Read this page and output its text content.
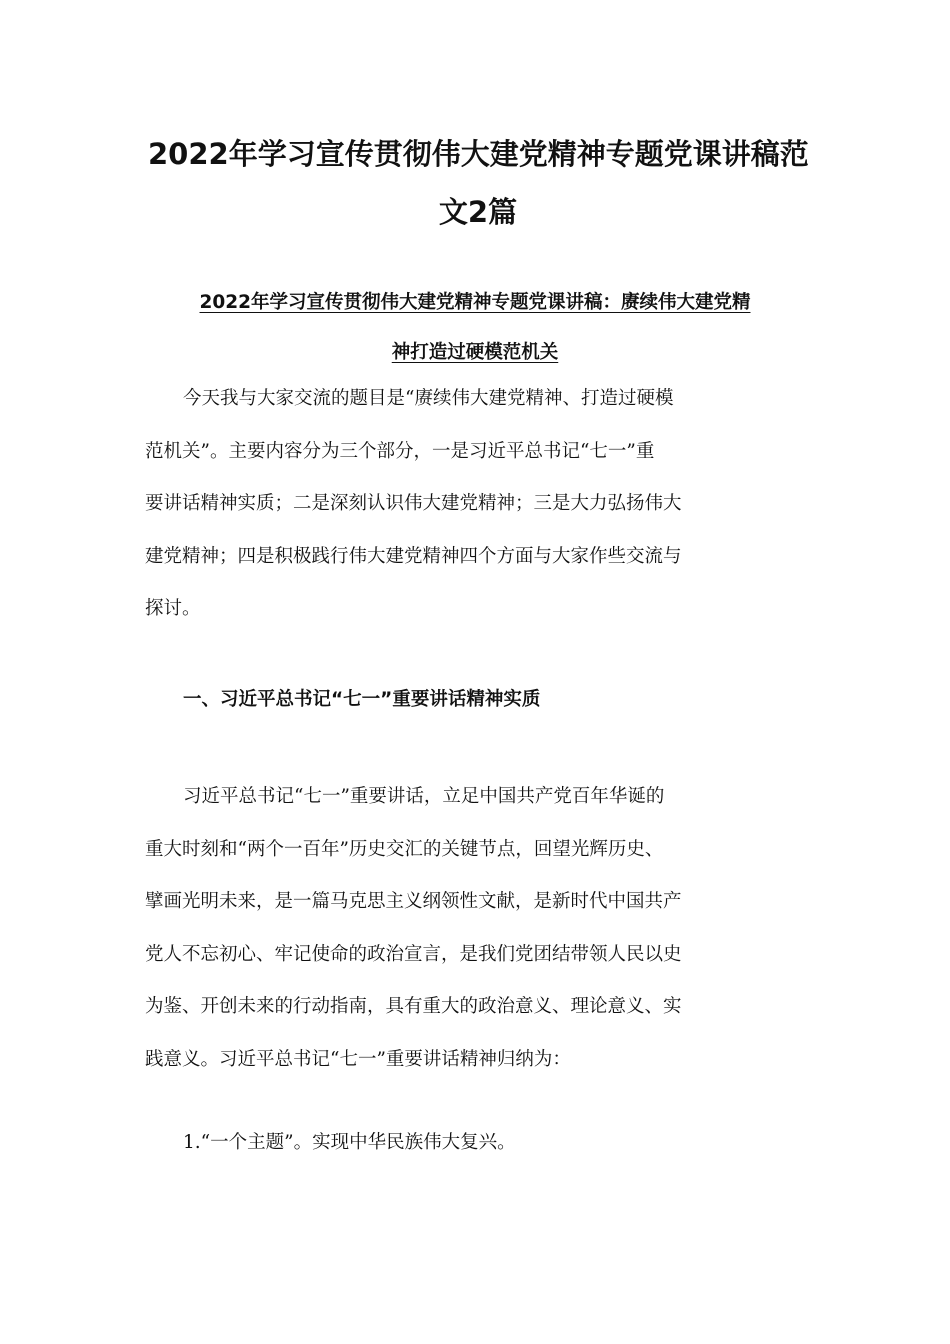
2022年学习宣传贯彻伟大建党精神专题党课讲稿范
文2篇
2022年学习宣传贯彻伟大建党精神专题党课讲稿：赓续伟大建党精
神打造过硬模范机关
今天我与大家交流的题目是“赓续伟大建党精神、打造过硬模
范机关”。主要内容分为三个部分，一是习近平总书记“七一”重
要讲话精神实质；二是深刻认识伟大建党精神；三是大力弘扬伟大
建党精神；四是积极践行伟大建党精神四个方面与大家作些交流与
探讨。
一、习近平总书记“七一”重要讲话精神实质
习近平总书记“七一”重要讲话，立足中国共产党百年华诞的
重大时刻和“两个一百年”历史交汇的关键节点，回望光辉历史、
擘画光明未来，是一篇马克思主义纲领性文献，是新时代中国共产
党人不忘初心、牢记使命的政治宣言，是我们党团结带领人民以史
为鉴、开创未来的行动指南，具有重大的政治意义、理论意义、实
践意义。习近平总书记“七一”重要讲话精神归纳为：
1.“一个主题”。实现中华民族伟大复兴。
